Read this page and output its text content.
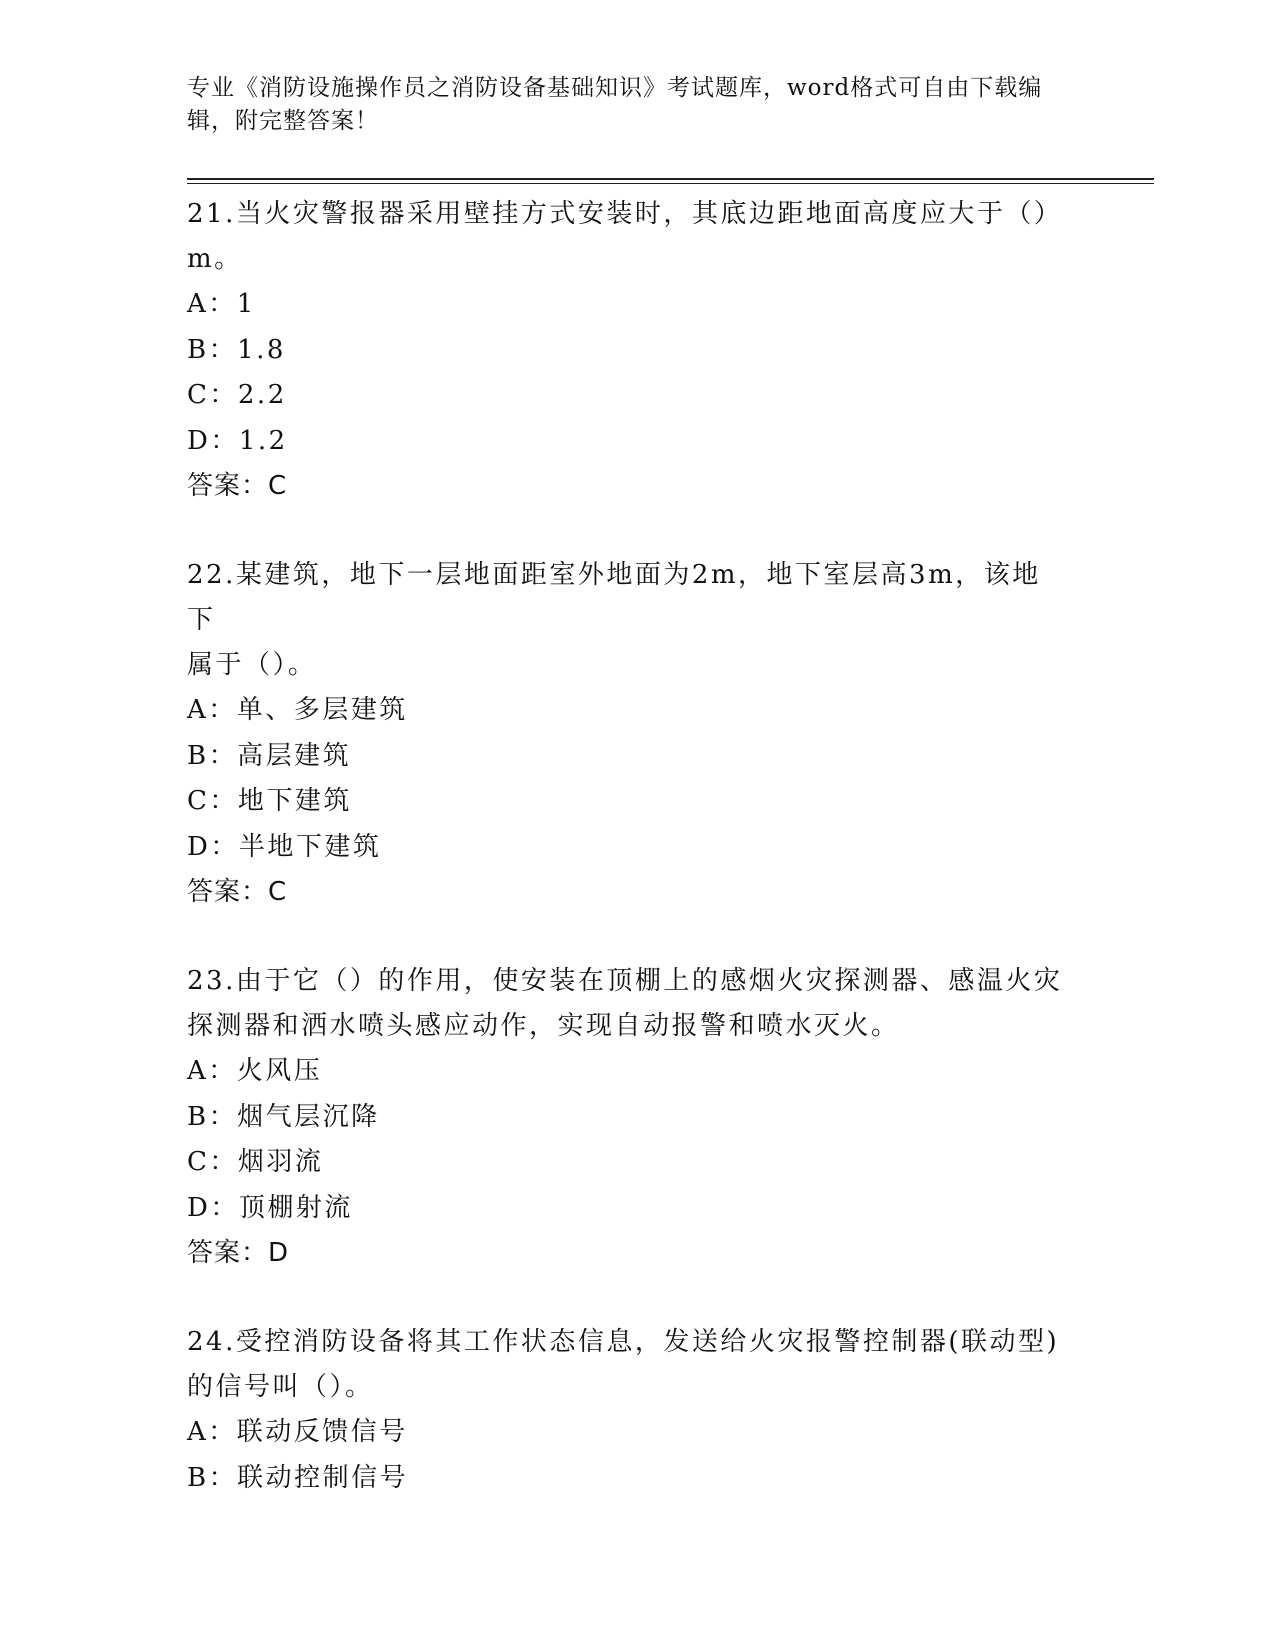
专业《消防设施操作员之消防设备基础知识》考试题库，word格式可自由下载编
辑，附完整答案！
21.当火灾警报器采用壁挂方式安装时，其底边距地面高度应大于（）
m。
A：1
B：1.8
C：2.2
D：1.2
答案：C
22.某建筑，地下一层地面距室外地面为2m，地下室层高3m，该地下
属于（）。
A：单、多层建筑
B：高层建筑
C：地下建筑
D：半地下建筑
答案：C
23.由于它（）的作用，使安装在顶棚上的感烟火灾探测器、感温火灾
探测器和洒水喷头感应动作，实现自动报警和喷水灭火。
A：火风压
B：烟气层沉降
C：烟羽流
D：顶棚射流
答案：D
24.受控消防设备将其工作状态信息，发送给火灾报警控制器(联动型)
的信号叫（）。
A：联动反馈信号
B：联动控制信号
